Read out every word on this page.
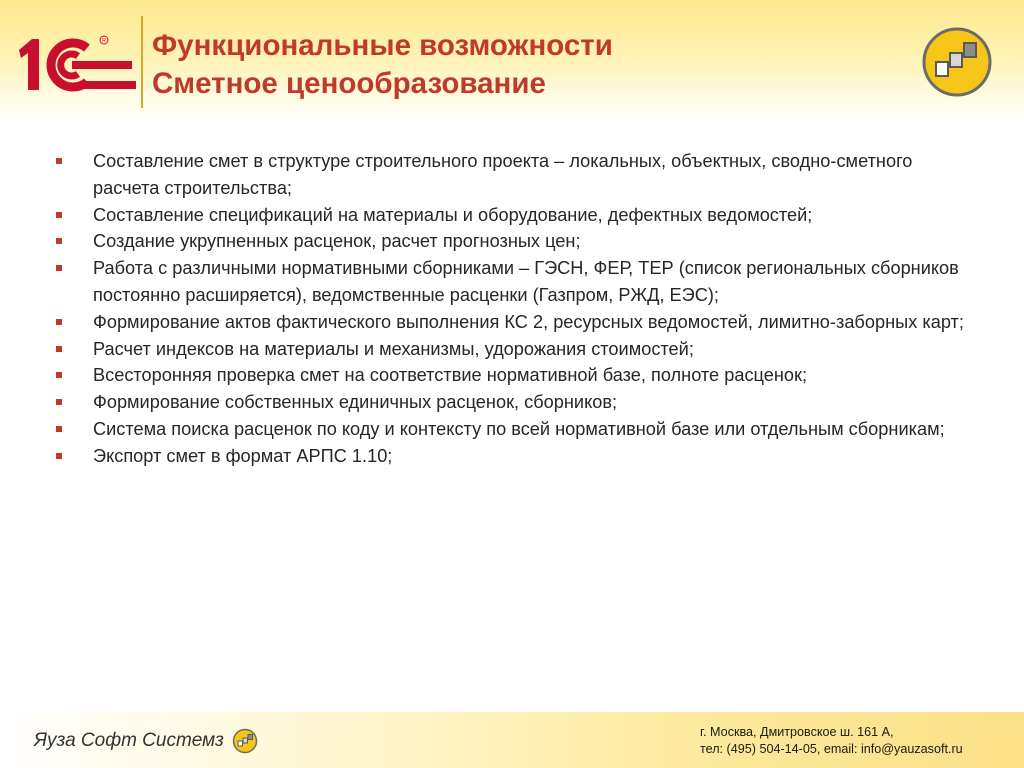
R Функциональные возможности
Сметное ценообразование
Составление смет в структуре строительного проекта – локальных, объектных, сводно-сметного расчета строительства;
Составление спецификаций на материалы и оборудование, дефектных ведомостей;
Создание укрупненных расценок, расчет прогнозных цен;
Работа с различными нормативными сборниками – ГЭСН, ФЕР, ТЕР (список региональных сборников постоянно расширяется), ведомственные расценки (Газпром, РЖД, ЕЭС);
Формирование актов фактического выполнения КС 2, ресурсных ведомостей, лимитно-заборных карт;
Расчет индексов на материалы и механизмы, удорожания стоимостей;
Всесторонняя проверка смет на соответствие нормативной базе, полноте расценок;
Формирование собственных единичных расценок, сборников;
Система поиска расценок по коду и контексту по всей нормативной базе или отдельным сборникам;
Экспорт смет в формат АРПС 1.10;
Яуза Софт Системз	г. Москва, Дмитровское ш. 161 А,
тел: (495) 504-14-05, email: info@yauzasoft.ru
